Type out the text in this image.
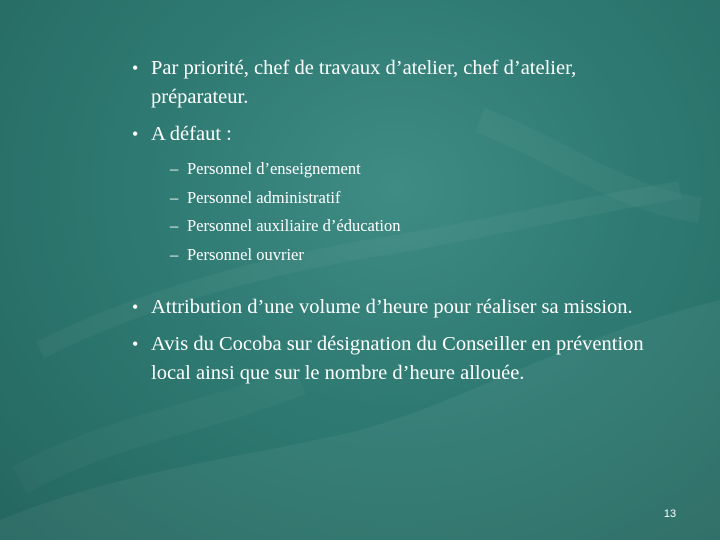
• Par priorité, chef de travaux d’atelier, chef d’atelier, préparateur.

• A défaut :

– Personnel d’enseignement

– Personnel administratif

– Personnel auxiliaire d’éducation

– Personnel ouvrier

• Attribution d’une volume d’heure pour réaliser sa mission.

• Avis du Cocoba sur désignation du Conseiller en prévention local ainsi que sur le nombre d’heure allouée.

13
